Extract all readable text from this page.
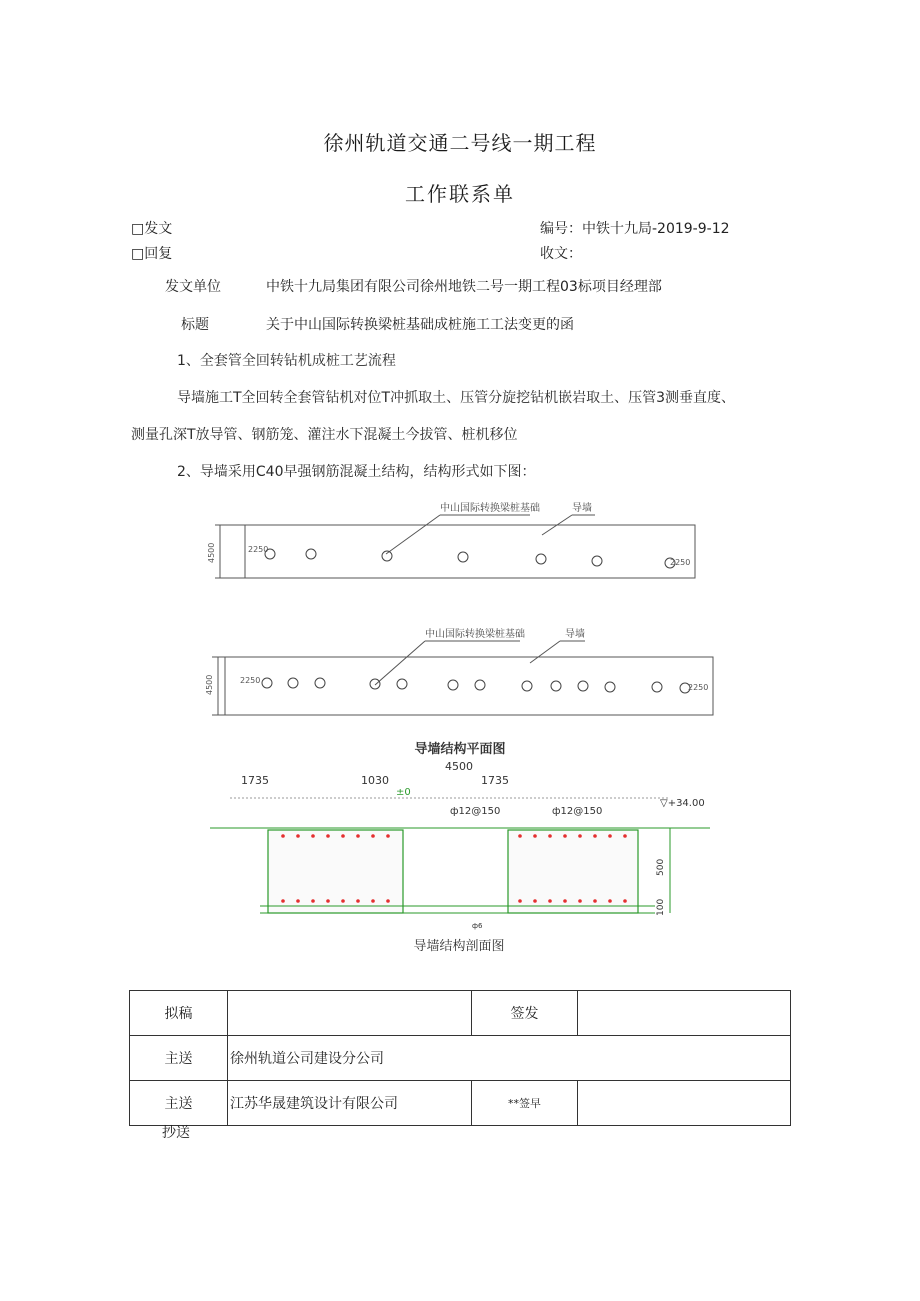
徐州轨道交通二号线一期工程
工作联系单
□发文
□回复
编号：中铁十九局-2019-9-12
收文：
发文单位	中铁十九局集团有限公司徐州地铁二号一期工程03标项目经理部
标题	关于中山国际转换梁桩基础成桩施工工法变更的函
1、全套管全回转钻机成桩工艺流程
导墙施工T全回转全套管钻机对位T冲抓取土、压管分旋挖钻机嵌岩取土、压管3测垂直度、
测量孔深T放导管、钢筋笼、灌注水下混凝土今拔管、桩机移位
2、导墙采用C40早强钢筋混凝土结构，结构形式如下图：
中山国际转换梁桩基础	导墙
中山国际转换梁桩基础	导墙
2250
2250
2250
2250
4500
4500
导墙结构平面图
4500
1735	1030	1735
±0
ф12@150	ф12@150
▽+34.00
500
100
ф6
导墙结构剖面图
拟稿		签发	
主送	徐州轨道公司建设分公司		
主送	江苏华晟建筑设计有限公司	**签早	
抄送
